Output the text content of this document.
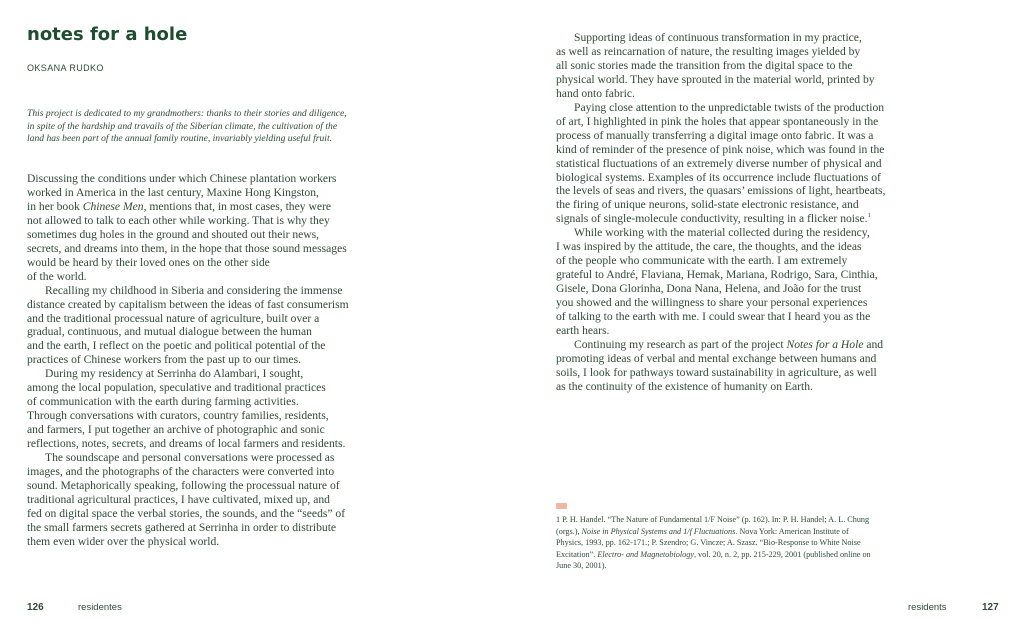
notes for a hole
OKSANA RUDKO

This project is dedicated to my grandmothers: thanks to their stories and diligence,
in spite of the hardship and travails of the Siberian climate, the cultivation of the
land has been part of the annual family routine, invariably yielding useful fruit.

Discussing the conditions under which Chinese plantation workers
worked in America in the last century, Maxine Hong Kingston,
in her book Chinese Men, mentions that, in most cases, they were
not allowed to talk to each other while working. That is why they
sometimes dug holes in the ground and shouted out their news,
secrets, and dreams into them, in the hope that those sound messages
would be heard by their loved ones on the other side
of the world.
Recalling my childhood in Siberia and considering the immense
distance created by capitalism between the ideas of fast consumerism
and the traditional processual nature of agriculture, built over a
gradual, continuous, and mutual dialogue between the human
and the earth, I reflect on the poetic and political potential of the
practices of Chinese workers from the past up to our times.
During my residency at Serrinha do Alambari, I sought,
among the local population, speculative and traditional practices
of communication with the earth during farming activities.
Through conversations with curators, country families, residents,
and farmers, I put together an archive of photographic and sonic
reflections, notes, secrets, and dreams of local farmers and residents.
The soundscape and personal conversations were processed as
images, and the photographs of the characters were converted into
sound. Metaphorically speaking, following the processual nature of
traditional agricultural practices, I have cultivated, mixed up, and
fed on digital space the verbal stories, the sounds, and the “seeds” of
the small farmers secrets gathered at Serrinha in order to distribute
them even wider over the physical world.
126	residentes
Supporting ideas of continuous transformation in my practice,
as well as reincarnation of nature, the resulting images yielded by
all sonic stories made the transition from the digital space to the
physical world. They have sprouted in the material world, printed by
hand onto fabric.
Paying close attention to the unpredictable twists of the production
of art, I highlighted in pink the holes that appear spontaneously in the
process of manually transferring a digital image onto fabric. It was a
kind of reminder of the presence of pink noise, which was found in the
statistical fluctuations of an extremely diverse number of physical and
biological systems. Examples of its occurrence include fluctuations of
the levels of seas and rivers, the quasars’ emissions of light, heartbeats,
the firing of unique neurons, solid-state electronic resistance, and
signals of single-molecule conductivity, resulting in a flicker noise.$^1$
While working with the material collected during the residency,
I was inspired by the attitude, the care, the thoughts, and the ideas
of the people who communicate with the earth. I am extremely
grateful to André, Flaviana, Hemak, Mariana, Rodrigo, Sara, Cinthia,
Gisele, Dona Glorinha, Dona Nana, Helena, and João for the trust
you showed and the willingness to share your personal experiences
of talking to the earth with me. I could swear that I heard you as the
earth hears.
Continuing my research as part of the project Notes for a Hole and
promoting ideas of verbal and mental exchange between humans and
soils, I look for pathways toward sustainability in agriculture, as well
as the continuity of the existence of humanity on Earth.
1 P. H. Handel. “The Nature of Fundamental 1/F Noise” (p. 162). In: P. H. Handel; A. L. Chung
(orgs.), Noise in Physical Systems and 1/f Fluctuations. Nova York: American Institute of
Physics, 1993, pp. 162-171.; P. Szendro; G. Vincze; A. Szasz. “Bio-Response to White Noise
Excitation”. Electro- and Magnetobiology, vol. 20, n. 2, pp. 215-229, 2001 (published online on
June 30, 2001).
residents	127
